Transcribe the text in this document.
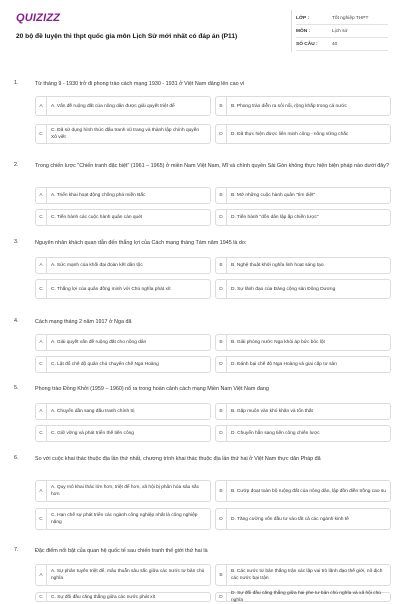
QUIZIZZ
20 bộ đề luyện thi thpt quốc gia môn Lịch Sử mới nhất có đáp án (P11)
LỚP :	Tốt nghiệp THPT
MÔN :	Lịch sử
SỐ CÂU :	40
1.	Từ tháng 9 - 1930 trở đi phong trào cách mạng 1930 - 1931 ở Việt Nam dâng lên cao vì
A	A. Vấn đề ruộng đất của nông dân được giải quyết triệt để	B	B. Phong trào diễn ra sôi nổi, rộng khắp trong cả nước
C
C. Đã sử dụng hình thức đấu tranh vũ trang và thành lập chính quyền Xô viết
D	D. Đã thực hiện được liên minh công - nông vững chắc
2.	Trong chiến lược "Chiến tranh đặc biệt" (1961 – 1965) ở miền Nam Việt Nam, Mĩ và chính quyền Sài Gòn không thực hiện biện pháp nào dưới đây?
A	A. Triển khai hoạt động chống phá miền Bắc	B	B. Mở những cuộc hành quân "tìm diệt"
C	C. Tiến hành các cuộc hành quân càn quét	D	D. Tiến hành "dồn dân lập ấp chiến lược"
3.	Nguyên nhân khách quan dẫn đến thắng lợi của Cách mạng tháng Tám năm 1945 là do:
A	A. Sức mạnh của khối đại đoàn kết dân tộc	B	B. Nghệ thuật khởi nghĩa linh hoạt sáng tạo
C	C. Thắng lợi của quân đồng minh với Chủ nghĩa phát xít	D	D. Sự lãnh đạo của Đảng cộng sản Đông Dương
4.	Cách mạng tháng 2 năm 1917 ở Nga đã
A	A. Giải quyết vấn đề ruộng đất cho nông dân	B	B. Giải phóng nước Nga khỏi áp bức bóc lột
C	C. Lật đổ chế độ quân chủ chuyên chế Nga Hoàng	D	D. Đánh bại chế độ Nga Hoàng và giai cấp tư sản
5.	Phong trào Đồng Khởi (1959 – 1960) nổ ra trong hoàn cảnh cách mạng Miền Nam Việt Nam đang
A	A. Chuyển dần sang đấu tranh chính trị	B	B. Gặp muôn vàn khó khăn và tổn thất
C	C. Giữ vững và phát triển thế tiến công	D	D. Chuyển hẳn sang tiến công chiến lược
6.	So với cuộc khai thác thuộc địa lần thứ nhất, chương trình khai thác thuộc địa lần thứ hai ở Việt Nam thực dân Pháp đã
A
A. Quy mô khai thác lớn hơn, triệt để hơn, xã hội bị phân hóa sâu sắc hơn
B	B. Cướp đoạt toàn bộ ruộng đất của nông dân, lập đồn điền trồng cao su
C
C. Hạn chế sự phát triển các ngành công nghiệp nhất là công nghiệp nặng
D	D. Tăng cường vốn đầu tư vào tất cả các ngành kinh tế
7.	Đặc điểm nổi bật của quan hệ quốc tế sau chiến tranh thế giới thứ hai là
A
A. Sự phân tuyến triệt để, mâu thuẫn sâu sắc giữa các nước tư bản chủ nghĩa
B
B. Các nước tư bản thắng trận xác lập vai trò lãnh đạo thế giới, nô dịch các nước bại trận
C	C. Sự đối đầu căng thẳng giữa các nước phát xít	D
D. Sự đối đầu căng thẳng giữa hai phe tư bản chủ nghĩa và xã hội chủ nghĩa
